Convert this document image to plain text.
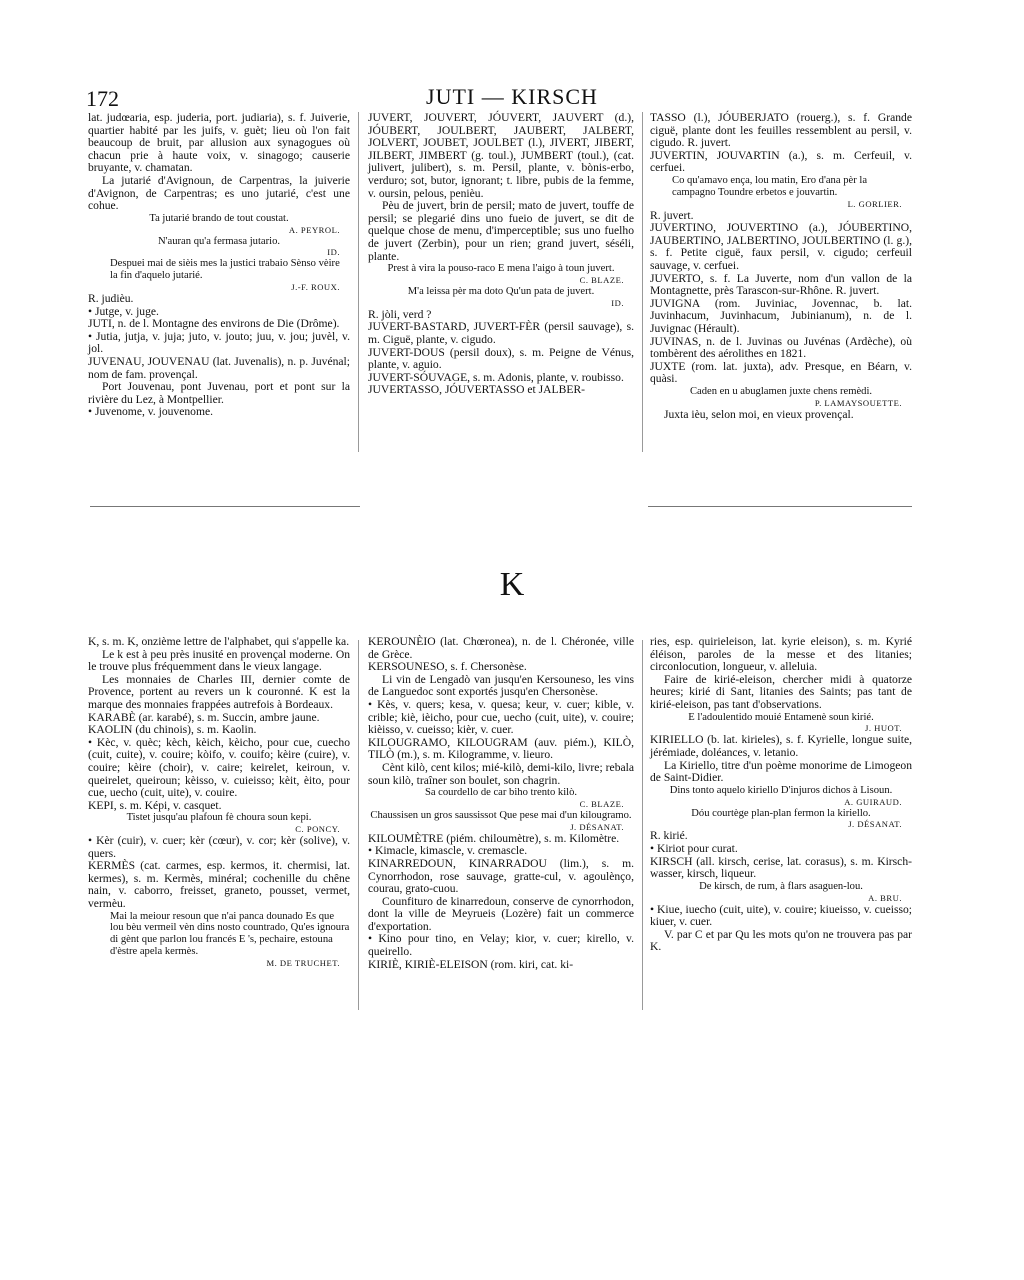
172	JUTI — KIRSCH

lat. judœaria, esp. juderia, port. judiaria), s. f. Juiverie, quartier habité par les juifs, v. guèt; lieu où l'on fait beaucoup de bruit, par allusion aux synagogues où chacun prie à haute voix, v. sinagogo; causerie bruyante, v. chamatan.

La jutarié d'Avignoun, de Carpentras, la juiverie d'Avignon, de Carpentras; es uno jutarié, c'est une cohue.

Ta jutarié brando de tout coustat.

A. PEYROL.

N'auran qu'a fermasa jutario.

ID.

Despuei mai de sièis mes la justici trabaio Sènso vèire la fin d'aquelo jutarié.

J.-F. ROUX.

R. judièu.

• Jutge, v. juge.

JUTI, n. de l. Montagne des environs de Die (Drôme).

• Jutia, jutja, v. juja; juto, v. jouto; juu, v. jou; juvèl, v. jol.

JUVENAU, JOUVENAU (lat. Juvenalis), n. p. Juvénal; nom de fam. provençal.

Port Jouvenau, pont Juvenau, port et pont sur la rivière du Lez, à Montpellier.

• Juvenome, v. jouvenome.

JUVERT, JOUVERT, JÓUVERT, JAUVERT (d.), JÓUBERT, JOULBERT, JAUBERT, JALBERT, JOLVERT, JOUBET, JOULBET (l.), JIVERT, JIBERT, JILBERT, JIMBERT (g. toul.), JUMBERT (toul.), (cat. julivert, julibert), s. m. Persil, plante, v. bònis-erbo, verduro; sot, butor, ignorant; t. libre, pubis de la femme, v. oursin, pelous, penièu.

Pèu de juvert, brin de persil; mato de juvert, touffe de persil; se plegarié dins uno fueio de juvert, se dit de quelque chose de menu, d'imperceptible; sus uno fuelho de juvert (Zerbin), pour un rien; grand juvert, séséli, plante.

Prest à vira la pouso-raco E mena l'aigo à toun juvert.

C. BLAZE.

M'a leissa pèr ma doto Qu'un pata de juvert.

ID.

R. jòli, verd ?

JUVERT-BASTARD, JUVERT-FÈR (persil sauvage), s. m. Ciguë, plante, v. cigudo.

JUVERT-DOUS (persil doux), s. m. Peigne de Vénus, plante, v. aguio.

JUVERT-SÓUVAGE, s. m. Adonis, plante, v. roubisso.

JUVERTASSO, JÓUVERTASSO et JALBER-

TASSO (l.), JÓUBERJATO (rouerg.), s. f. Grande ciguë, plante dont les feuilles ressemblent au persil, v. cigudo. R. juvert.

JUVERTIN, JOUVARTIN (a.), s. m. Cerfeuil, v. cerfuei.

Co qu'amavo ença, lou matin, Ero d'ana pèr la campagno Toundre erbetos e jouvartin.

L. GORLIER.

R. juvert.

JUVERTINO, JOUVERTINO (a.), JÓUBERTINO, JAUBERTINO, JALBERTINO, JOULBERTINO (l. g.), s. f. Petite ciguë, faux persil, v. cigudo; cerfeuil sauvage, v. cerfuei.

JUVERTO, s. f. La Juverte, nom d'un vallon de la Montagnette, près Tarascon-sur-Rhône. R. juvert.

JUVIGNA (rom. Juviniac, Jovennac, b. lat. Juvinhacum, Juvinhacum, Jubinianum), n. de l. Juvignac (Hérault).

JUVINAS, n. de l. Juvinas ou Juvénas (Ardèche), où tombèrent des aérolithes en 1821.

JUXTE (rom. lat. juxta), adv. Presque, en Béarn, v. quàsi.

Caden en u abuglamen juxte chens remèdi.

P. LAMAYSOUETTE.

Juxta ièu, selon moi, en vieux provençal.

K

K, s. m. K, onzième lettre de l'alphabet, qui s'appelle ka.

Le k est à peu près inusité en provençal moderne. On le trouve plus fréquemment dans le vieux langage.

Les monnaies de Charles III, dernier comte de Provence, portent au revers un k couronné. K est la marque des monnaies frappées autrefois à Bordeaux.

KARABÈ (ar. karabé), s. m. Succin, ambre jaune.

KAOLIN (du chinois), s. m. Kaolin.

• Kèc, v. quèc; kèch, kèich, kèicho, pour cue, cuecho (cuit, cuite), v. couire; kòifo, v. couifo; kèire (cuire), v. couire; kèire (choir), v. caire; keirelet, keiroun, v. queirelet, queiroun; kèisso, v. cuieisso; kèit, èito, pour cue, uecho (cuit, uite), v. couire.

KEPI, s. m. Képi, v. casquet.

Tistet jusqu'au plafoun fè choura soun kepi.

C. PONCY.

• Kèr (cuir), v. cuer; kèr (cœur), v. cor; kèr (solive), v. quers.

KERMÈS (cat. carmes, esp. kermos, it. chermisi, lat. kermes), s. m. Kermès, minéral; cochenille du chêne nain, v. caborro, freisset, graneto, pousset, vermet, vermèu.

Mai la meiour resoun que n'ai panca dounado Es que lou bèu vermeil vèn dins nosto countrado, Qu'es ignoura di gènt que parlon lou francés E 's, pechaire, estouna d'èstre apela kermès.

M. DE TRUCHET.

KEROUNÈIO (lat. Chœronea), n. de l. Chéronée, ville de Grèce.

KERSOUNESO, s. f. Chersonèse.

Li vin de Lengadò van jusqu'en Kersouneso, les vins de Languedoc sont exportés jusqu'en Chersonèse.

• Kès, v. quers; kesa, v. quesa; keur, v. cuer; kible, v. crible; kiè, ièicho, pour cue, uecho (cuit, uite), v. couire; kièisso, v. cueisso; kièr, v. cuer.

KILOUGRAMO, KILOUGRAM (auv. piém.), KILÒ, TILÒ (m.), s. m. Kilogramme, v. lieuro.

Cènt kilò, cent kilos; mié-kilò, demi-kilo, livre; rebala soun kilò, traîner son boulet, son chagrin.

Sa courdello de car biho trento kilò.

C. BLAZE.

Chaussisen un gros saussissot Que pese mai d'un kilougramo.

J. DÉSANAT.

KILOUMÈTRE (piém. chiloumètre), s. m. Kilomètre.

• Kimacle, kimascle, v. cremascle.

KINARREDOUN, KINARRADOU (lim.), s. m. Cynorrhodon, rose sauvage, gratte-cul, v. agoulènço, courau, grato-cuou.

Counfituro de kinarredoun, conserve de cynorrhodon, dont la ville de Meyrueis (Lozère) fait un commerce d'exportation.

• Kino pour tino, en Velay; kior, v. cuer; kirello, v. queirello.

KIRIÈ, KIRIÈ-ELEISON (rom. kiri, cat. ki-

ries, esp. quirieleison, lat. kyrie eleison), s. m. Kyrié éléison, paroles de la messe et des litanies; circonlocution, longueur, v. alleluia.

Faire de kirié-eleison, chercher midi à quatorze heures; kirié di Sant, litanies des Saints; pas tant de kirié-eleison, pas tant d'observations.

E l'adoulentido mouié Entamenè soun kirié.

J. HUOT.

KIRIELLO (b. lat. kirieles), s. f. Kyrielle, longue suite, jérémiade, doléances, v. letanio.

La Kiriello, titre d'un poème monorime de Limogeon de Saint-Didier.

Dins tonto aquelo kiriello D'injuros dichos à Lisoun.

A. GUIRAUD.

Dóu courtège plan-plan fermon la kiriello.

J. DÉSANAT.

R. kirié.

• Kiriot pour curat.

KIRSCH (all. kirsch, cerise, lat. corasus), s. m. Kirsch-wasser, kirsch, liqueur.

De kirsch, de rum, à flars asaguen-lou.

A. BRU.

• Kiue, iuecho (cuit, uite), v. couire; kiueisso, v. cueisso; kiuer, v. cuer.

V. par C et par Qu les mots qu'on ne trouvera pas par K.
